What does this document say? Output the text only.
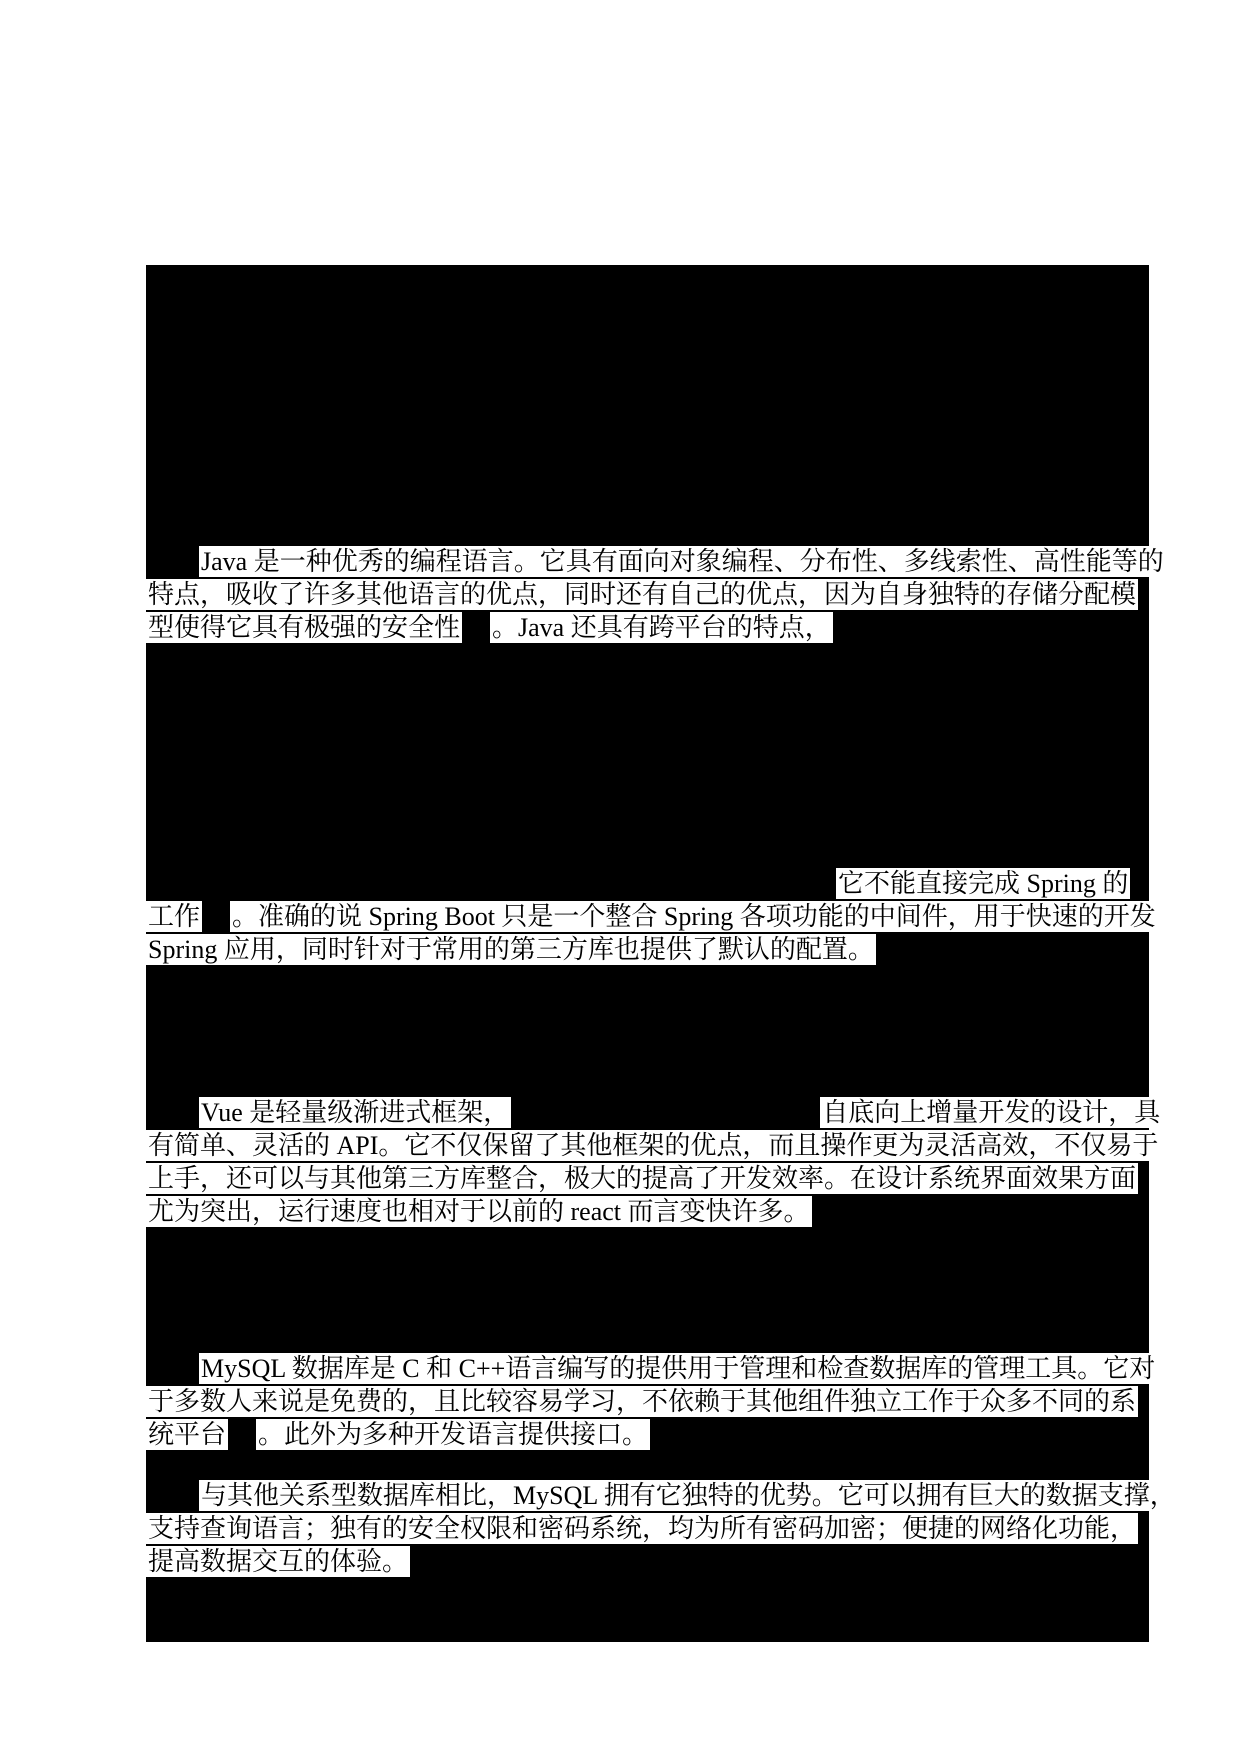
Java 是一种优秀的编程语言。它具有面向对象编程、分布性、多线索性、高性能等的
特点，吸收了许多其他语言的优点，同时还有自己的优点，因为自身独特的存储分配模
型使得它具有极强的安全性 。Java 还具有跨平台的特点，
它不能直接完成 Spring 的
工作 。准确的说 Spring Boot 只是一个整合 Spring 各项功能的中间件，用于快速的开发
Spring 应用，同时针对于常用的第三方库也提供了默认的配置。
Vue 是轻量级渐进式框架，	自底向上增量开发的设计，具
有简单、灵活的 API。它不仅保留了其他框架的优点，而且操作更为灵活高效，不仅易于
上手，还可以与其他第三方库整合，极大的提高了开发效率。在设计系统界面效果方面
尤为突出，运行速度也相对于以前的 react 而言变快许多。
MySQL 数据库是 C 和 C++语言编写的提供用于管理和检查数据库的管理工具。它对
于多数人来说是免费的，且比较容易学习，不依赖于其他组件独立工作于众多不同的系
统平台 。此外为多种开发语言提供接口。
与其他关系型数据库相比，MySQL 拥有它独特的优势。它可以拥有巨大的数据支撑，
支持查询语言；独有的安全权限和密码系统，均为所有密码加密；便捷的网络化功能，
提高数据交互的体验。
